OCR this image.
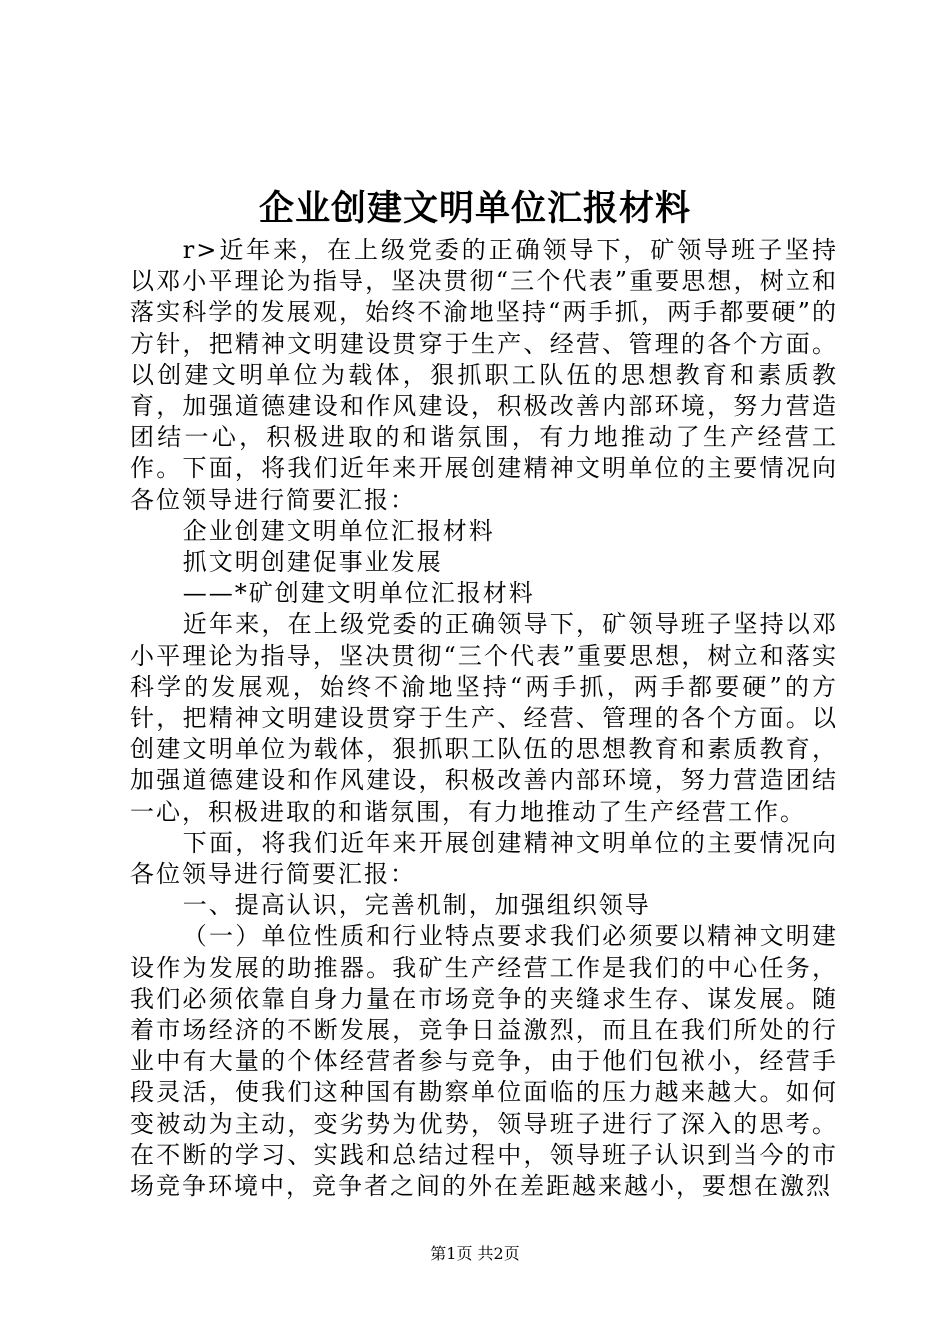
企业创建文明单位汇报材料

r>近年来，在上级党委的正确领导下，矿领导班子坚持以邓小平理论为指导，坚决贯彻“三个代表”重要思想，树立和落实科学的发展观，始终不渝地坚持“两手抓，两手都要硬”的方针，把精神文明建设贯穿于生产、经营、管理的各个方面。以创建文明单位为载体，狠抓职工队伍的思想教育和素质教育，加强道德建设和作风建设，积极改善内部环境，努力营造团结一心，积极进取的和谐氛围，有力地推动了生产经营工作。下面，将我们近年来开展创建精神文明单位的主要情况向各位领导进行简要汇报：

企业创建文明单位汇报材料

抓文明创建促事业发展

——*矿创建文明单位汇报材料

近年来，在上级党委的正确领导下，矿领导班子坚持以邓小平理论为指导，坚决贯彻“三个代表”重要思想，树立和落实科学的发展观，始终不渝地坚持“两手抓，两手都要硬”的方针，把精神文明建设贯穿于生产、经营、管理的各个方面。以创建文明单位为载体，狠抓职工队伍的思想教育和素质教育，加强道德建设和作风建设，积极改善内部环境，努力营造团结一心，积极进取的和谐氛围，有力地推动了生产经营工作。

下面，将我们近年来开展创建精神文明单位的主要情况向各位领导进行简要汇报：

一、提高认识，完善机制，加强组织领导

（一）单位性质和行业特点要求我们必须要以精神文明建设作为发展的助推器。我矿生产经营工作是我们的中心任务，我们必须依靠自身力量在市场竞争的夹缝求生存、谋发展。随着市场经济的不断发展，竞争日益激烈，而且在我们所处的行业中有大量的个体经营者参与竞争，由于他们包袱小，经营手段灵活，使我们这种国有勘察单位面临的压力越来越大。如何变被动为主动，变劣势为优势，领导班子进行了深入的思考。在不断的学习、实践和总结过程中，领导班子认识到当今的市场竞争环境中，竞争者之间的外在差距越来越小，要想在激烈

第1页 共2页
